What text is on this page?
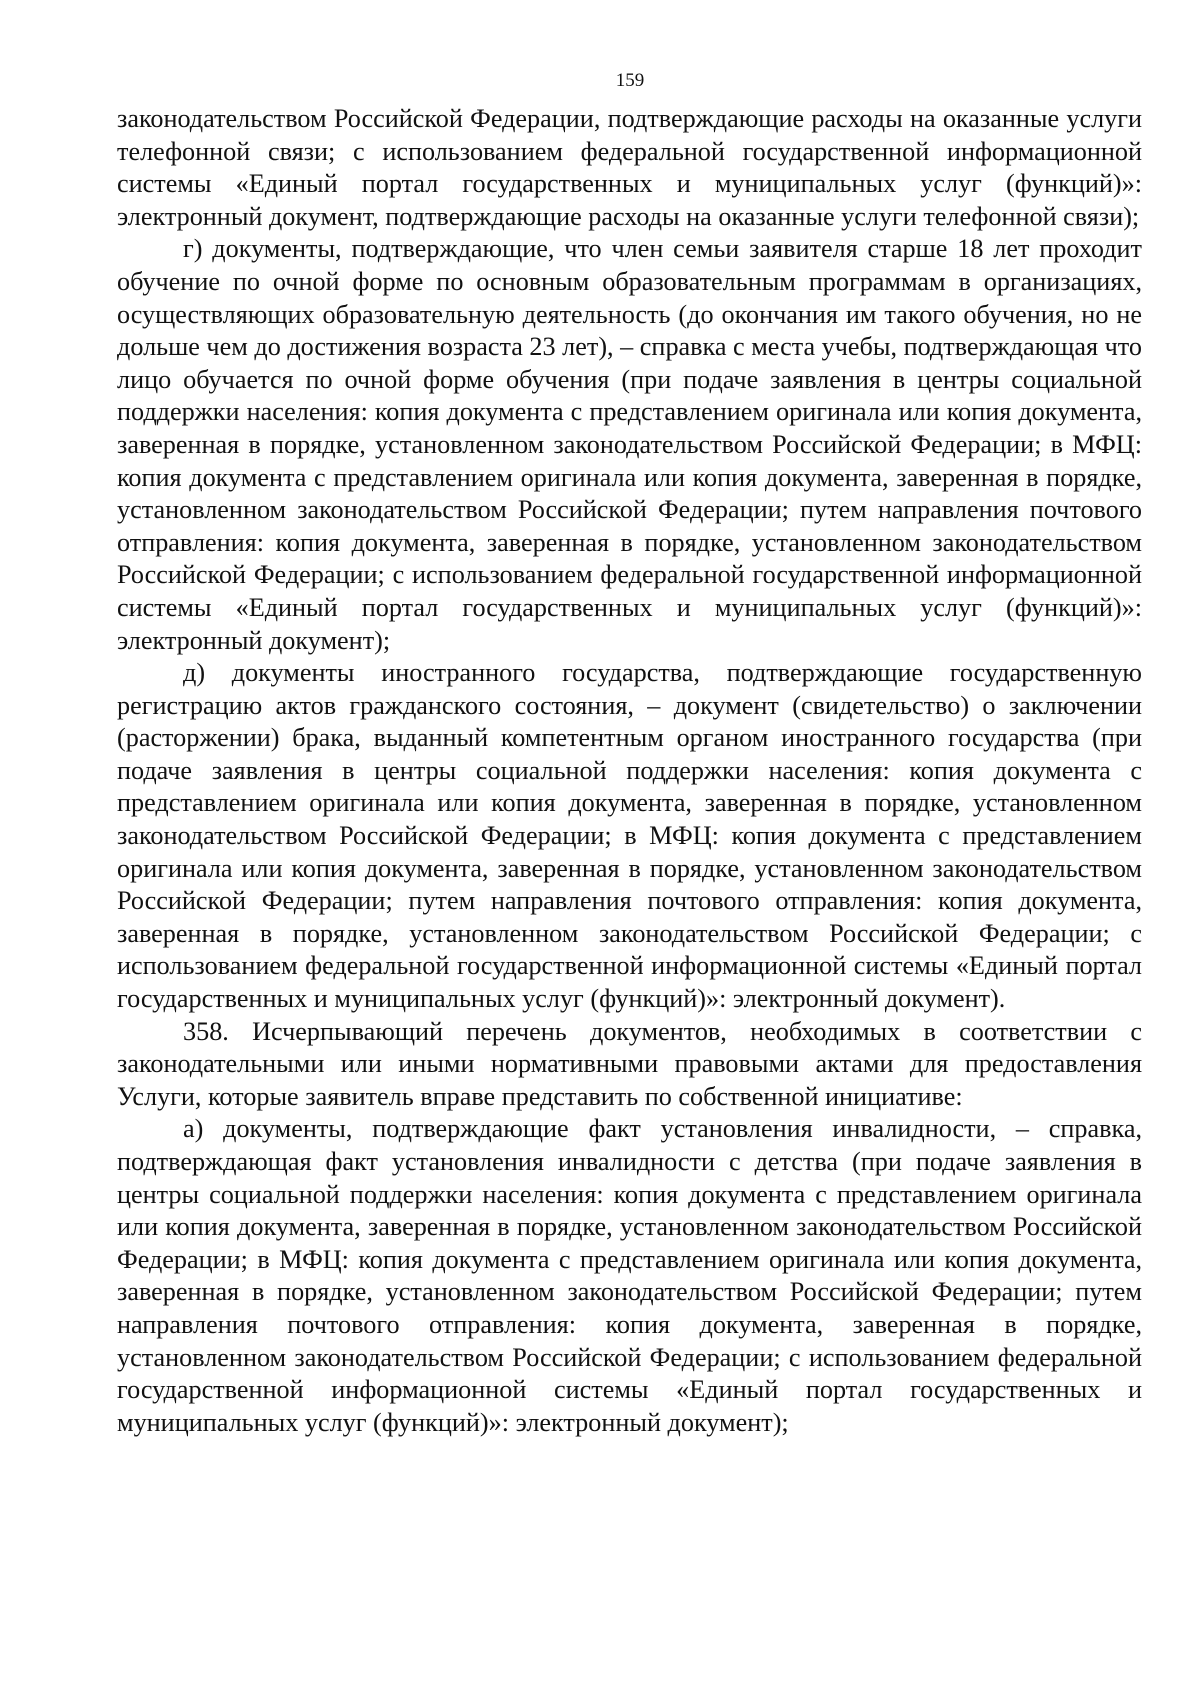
159

законодательством Российской Федерации, подтверждающие расходы на оказанные услуги телефонной связи; с использованием федеральной государственной информационной системы «Единый портал государственных и муниципальных услуг (функций)»: электронный документ, подтверждающие расходы на оказанные услуги телефонной связи);

г) документы, подтверждающие, что член семьи заявителя старше 18 лет проходит обучение по очной форме по основным образовательным программам в организациях, осуществляющих образовательную деятельность (до окончания им такого обучения, но не дольше чем до достижения возраста 23 лет), – справка с места учебы, подтверждающая что лицо обучается по очной форме обучения (при подаче заявления в центры социальной поддержки населения: копия документа с представлением оригинала или копия документа, заверенная в порядке, установленном законодательством Российской Федерации; в МФЦ: копия документа с представлением оригинала или копия документа, заверенная в порядке, установленном законодательством Российской Федерации; путем направления почтового отправления: копия документа, заверенная в порядке, установленном законодательством Российской Федерации; с использованием федеральной государственной информационной системы «Единый портал государственных и муниципальных услуг (функций)»: электронный документ);

д) документы иностранного государства, подтверждающие государственную регистрацию актов гражданского состояния, – документ (свидетельство) о заключении (расторжении) брака, выданный компетентным органом иностранного государства (при подаче заявления в центры социальной поддержки населения: копия документа с представлением оригинала или копия документа, заверенная в порядке, установленном законодательством Российской Федерации; в МФЦ: копия документа с представлением оригинала или копия документа, заверенная в порядке, установленном законодательством Российской Федерации; путем направления почтового отправления: копия документа, заверенная в порядке, установленном законодательством Российской Федерации; с использованием федеральной государственной информационной системы «Единый портал государственных и муниципальных услуг (функций)»: электронный документ).

358. Исчерпывающий перечень документов, необходимых в соответствии с законодательными или иными нормативными правовыми актами для предоставления Услуги, которые заявитель вправе представить по собственной инициативе:

а) документы, подтверждающие факт установления инвалидности, – справка, подтверждающая факт установления инвалидности с детства (при подаче заявления в центры социальной поддержки населения: копия документа с представлением оригинала или копия документа, заверенная в порядке, установленном законодательством Российской Федерации; в МФЦ: копия документа с представлением оригинала или копия документа, заверенная в порядке, установленном законодательством Российской Федерации; путем направления почтового отправления: копия документа, заверенная в порядке, установленном законодательством Российской Федерации; с использованием федеральной государственной информационной системы «Единый портал государственных и муниципальных услуг (функций)»: электронный документ);
